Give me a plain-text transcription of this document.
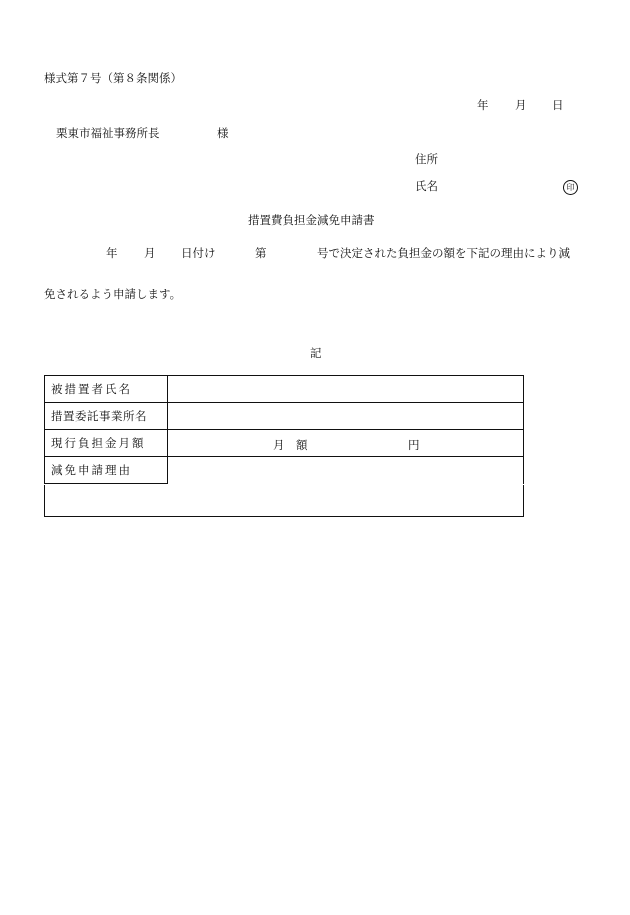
様式第７号（第８条関係）
年 月 日
栗東市福祉事務所長	様
住所
氏名	印
措置費負担金減免申請書
年 月 日付け	第	号で決定された負担金の額を下記の理由により減
免されるよう申請します。
記
被措置者氏名	
措置委託事業所名	
現行負担金月額	月　額 円

減免申請理由	
